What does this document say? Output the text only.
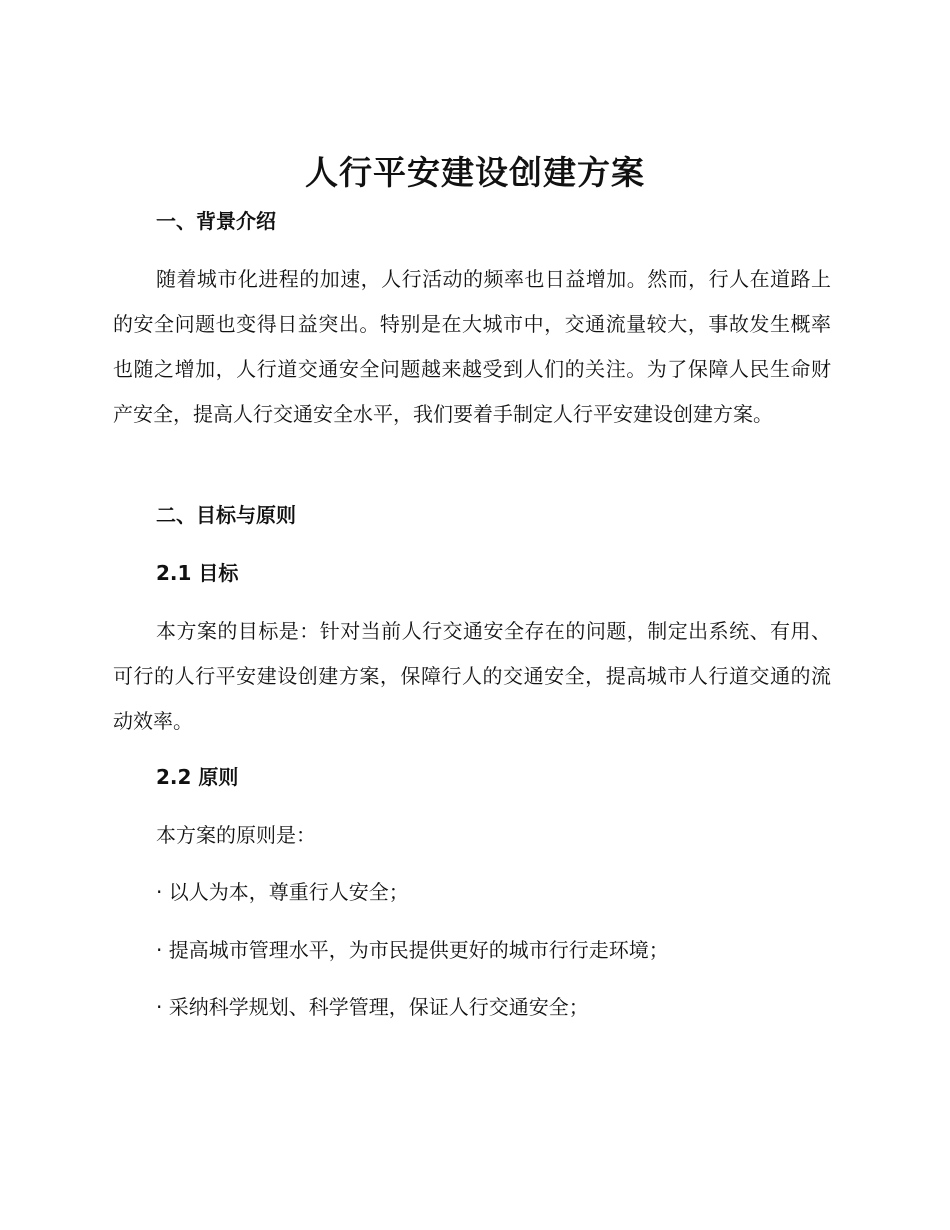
人行平安建设创建方案
一、背景介绍
随着城市化进程的加速，人行活动的频率也日益增加。然而，行人在道路上的安全问题也变得日益突出。特别是在大城市中，交通流量较大，事故发生概率也随之增加，人行道交通安全问题越来越受到人们的关注。为了保障人民生命财产安全，提高人行交通安全水平，我们要着手制定人行平安建设创建方案。
二、目标与原则
2.1 目标
本方案的目标是：针对当前人行交通安全存在的问题，制定出系统、有用、可行的人行平安建设创建方案，保障行人的交通安全，提高城市人行道交通的流动效率。
2.2 原则
本方案的原则是：
· 以人为本，尊重行人安全；
· 提高城市管理水平，为市民提供更好的城市行行走环境；
· 采纳科学规划、科学管理，保证人行交通安全；
